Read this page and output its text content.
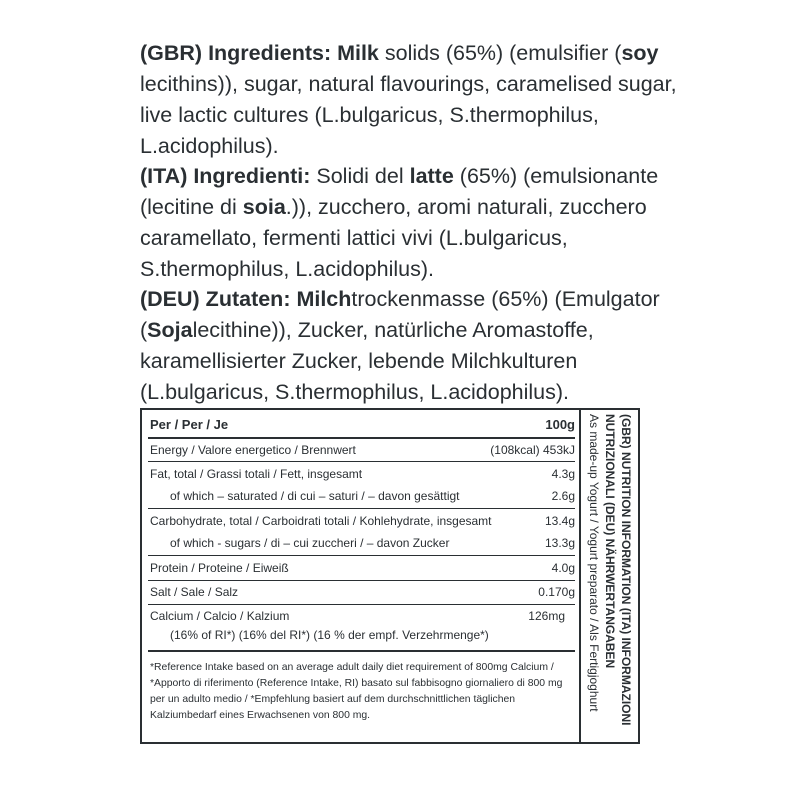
(GBR) Ingredients: Milk solids (65%) (emulsifier (soy lecithins)), sugar, natural flavourings, caramelised sugar, live lactic cultures (L.bulgaricus, S.thermophilus, L.acidophilus).
(ITA) Ingredienti: Solidi del latte (65%) (emulsionante (lecitine di soia.)), zucchero, aromi naturali, zucchero caramellato, fermenti lattici vivi (L.bulgaricus, S.thermophilus, L.acidophilus).
(DEU) Zutaten: Milchtrockenmasse (65%) (Emulgator (Sojalecithine)), Zucker, natürliche Aromastoffe, karamellisierter Zucker, lebende Milchkulturen (L.bulgaricus, S.thermophilus, L.acidophilus).
Per / Per / Je	100g
Energy / Valore energetico / Brennwert	(108kcal) 453kJ
Fat, total / Grassi totali / Fett, insgesamt	4.3g
of which – saturated / di cui – saturi / – davon gesättigt	2.6g
Carbohydrate, total / Carboidrati totali / Kohlehydrate, insgesamt	13.4g
of which - sugars / di – cui zuccheri / – davon Zucker	13.3g
Protein / Proteine / Eiweiß	4.0g
Salt / Sale / Salz	0.170g
Calcium / Calcio / Kalzium	126mg
(16% of RI*) (16% del RI*) (16 % der empf. Verzehrmenge*)
*Reference Intake based on an average adult daily diet requirement of 800mg Calcium / *Apporto di riferimento (Reference Intake, RI) basato sul fabbisogno giornaliero di 800 mg per un adulto medio / *Empfehlung basiert auf dem durchschnittlichen täglichen Kalziumbedarf eines Erwachsenen von 800 mg.	(GBR) NUTRITION INFORMATION (ITA) INFORMAZIONI NUTRIZIONALI (DEU) NÄHRWERTANGABEN
As made-up Yogurt / Yogurt preparato / Als Fertigjoghurt
